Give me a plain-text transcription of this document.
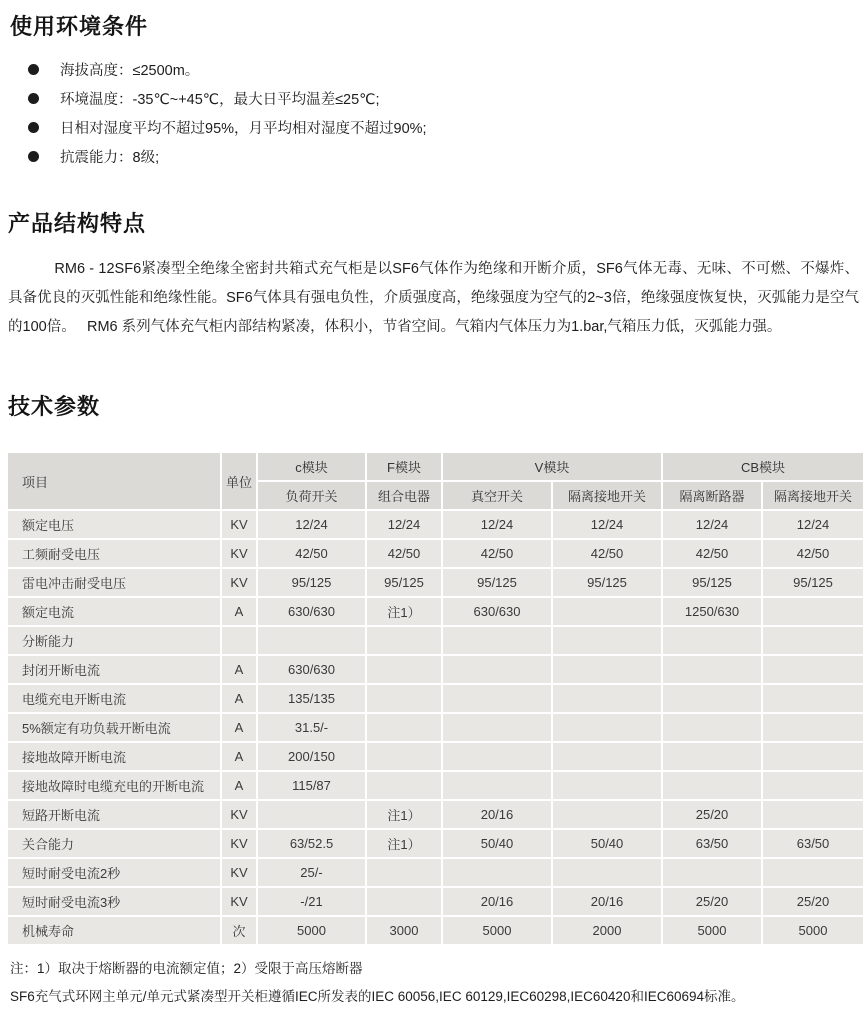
使用环境条件
海拔高度：≤2500m。
环境温度：-35℃~+45℃，最大日平均温差≤25℃;
日相对湿度平均不超过95%，月平均相对湿度不超过90%;
抗震能力：8级;
产品结构特点

RM6 - 12SF6紧凑型全绝缘全密封共箱式充气柜是以SF6气体作为绝缘和开断介质，SF6气体无毒、无味、不可燃、不爆炸、具备优良的灭弧性能和绝缘性能。SF6气体具有强电负性，介质强度高，绝缘强度为空气的2~3倍，绝缘强度恢复快，灭弧能力是空气的100倍。　 RM6 系列气体充气柜内部结构紧凑，体积小，节省空间。气箱内气体压力为1.bar,气箱压力低，灭弧能力强。

技术参数
项目	单位	c模块	F模块	V模块		CB模块	
		负荷开关	组合电器	真空开关	隔离接地开关	隔离断路器	隔离接地开关
额定电压	KV	12/24	12/24	12/24	12/24	12/24	12/24
工频耐受电压	KV	42/50	42/50	42/50	42/50	42/50	42/50
雷电冲击耐受电压	KV	95/125	95/125	95/125	95/125	95/125	95/125
额定电流	A	630/630	注1）	630/630		1250/630	
分断能力							
封闭开断电流	A	630/630					
电缆充电开断电流	A	135/135					
5%额定有功负载开断电流	A	31.5/-					
接地故障开断电流	A	200/150					
接地故障时电缆充电的开断电流	A	115/87					
短路开断电流	KV		注1）	20/16		25/20	
关合能力	KV	63/52.5	注1）	50/40	50/40	63/50	63/50
短时耐受电流2秒	KV	25/-					
短时耐受电流3秒	KV	-/21		20/16	20/16	25/20	25/20
机械寿命	次	5000	3000	5000	2000	5000	5000

注：1）取决于熔断器的电流额定值；2）受限于高压熔断器

SF6充气式环网主单元/单元式紧凑型开关柜遵循IEC所发表的IEC 60056,IEC 60129,IEC60298,IEC60420和IEC60694标准。
